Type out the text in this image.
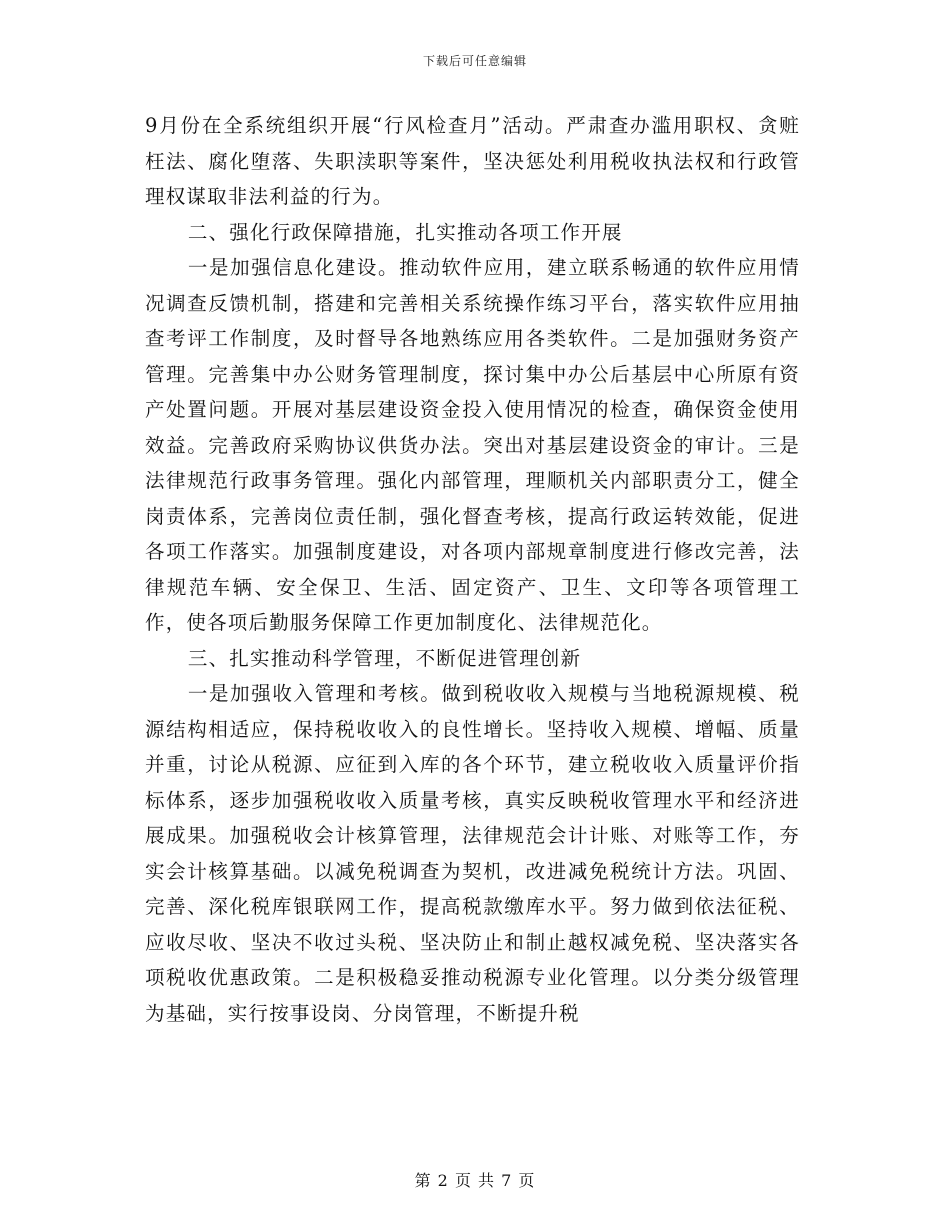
下载后可任意编辑

9月份在全系统组织开展“行风检查月”活动。严肃查办滥用职权、贪赃枉法、腐化堕落、失职渎职等案件，坚决惩处利用税收执法权和行政管理权谋取非法利益的行为。

二、强化行政保障措施，扎实推动各项工作开展

一是加强信息化建设。推动软件应用，建立联系畅通的软件应用情况调查反馈机制，搭建和完善相关系统操作练习平台，落实软件应用抽查考评工作制度，及时督导各地熟练应用各类软件。二是加强财务资产管理。完善集中办公财务管理制度，探讨集中办公后基层中心所原有资产处置问题。开展对基层建设资金投入使用情况的检查，确保资金使用效益。完善政府采购协议供货办法。突出对基层建设资金的审计。三是法律规范行政事务管理。强化内部管理，理顺机关内部职责分工，健全岗责体系，完善岗位责任制，强化督查考核，提高行政运转效能，促进各项工作落实。加强制度建设，对各项内部规章制度进行修改完善，法律规范车辆、安全保卫、生活、固定资产、卫生、文印等各项管理工作，使各项后勤服务保障工作更加制度化、法律规范化。

三、扎实推动科学管理，不断促进管理创新

一是加强收入管理和考核。做到税收收入规模与当地税源规模、税源结构相适应，保持税收收入的良性增长。坚持收入规模、增幅、质量并重，讨论从税源、应征到入库的各个环节，建立税收收入质量评价指标体系，逐步加强税收收入质量考核，真实反映税收管理水平和经济进展成果。加强税收会计核算管理，法律规范会计计账、对账等工作，夯实会计核算基础。以减免税调查为契机，改进减免税统计方法。巩固、完善、深化税库银联网工作，提高税款缴库水平。努力做到依法征税、应收尽收、坚决不收过头税、坚决防止和制止越权减免税、坚决落实各项税收优惠政策。二是积极稳妥推动税源专业化管理。以分类分级管理为基础，实行按事设岗、分岗管理，不断提升税

第 2 页 共 7 页
